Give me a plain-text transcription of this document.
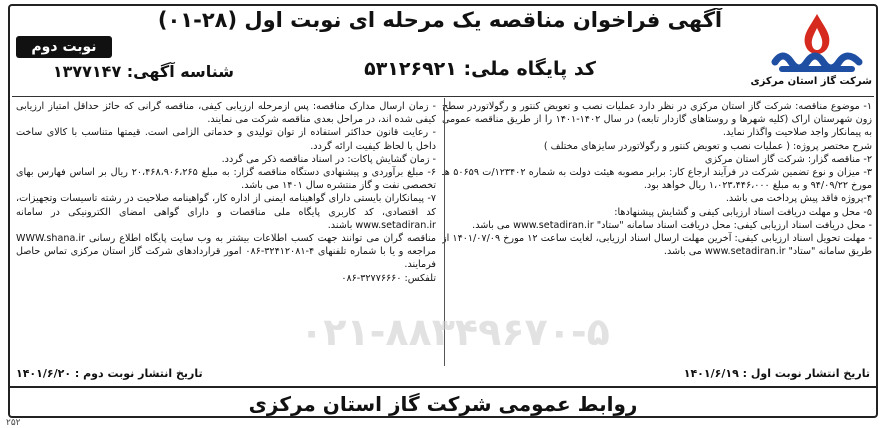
آگهی فراخوان مناقصه یک مرحله ای نوبت اول (۲۸-۰۱)
نوبت دوم
شناسه آگهی: ۱۳۷۷۱۴۷	کد پایگاه ملی: ۵۳۱۲۶۹۲۱
شرکت گاز استان مرکزی

۱- موضوع مناقصه: شرکت گاز استان مرکزی در نظر دارد عملیات نصب و تعویض کنتور و رگولاتوردر سطح زون شهرستان اراک (کلیه شهرها و روستاهای گازدار تابعه) در سال ۱۴۰۲-۱۴۰۱ را از طریق مناقصه عمومی به پیمانکار واجد صلاحیت واگذار نماید.

شرح مختصر پروژه: ( عملیات نصب و تعویض کنتور و رگولاتوردر سایزهای مختلف )

۲- مناقصه گزار: شرکت گاز استان مرکزی

۳- میزان و نوع تضمین شرکت در فرآیند ارجاع کار: برابر مصوبه هیئت دولت به شماره ۱۲۳۴۰۲/ت ۵۰۶۵۹ هـ مورخ ۹۴/۰۹/۲۲ و به مبلغ ۱،۰۲۳،۴۴۶،۰۰۰ ریال خواهد بود.

۴-پروژه فاقد پیش پرداخت می باشد.

۵- محل و مهلت دریافت اسناد ارزیابی کیفی و گشایش پیشنهادها:

- محل دریافت اسناد ارزیابی کیفی: محل دریافت اسناد سامانه "ستاد" www.setadiran.ir می باشد.

- مهلت تحویل اسناد ارزیابی کیفی: آخرین مهلت ارسال اسناد ارزیابی، لغایت ساعت ۱۲ مورخ ۱۴۰۱/۰۷/۰۹ از طریق سامانه "ستاد" www.setadiran.ir می باشد.

- زمان ارسال مدارک مناقصه: پس ازمرحله ارزیابی کیفی، مناقصه گرانی که حائز حداقل امتیاز ارزیابی کیفی شده اند، در مراحل بعدی مناقصه شرکت می نمایند.

- رعایت قانون حداکثر استفاده از توان تولیدی و خدماتی الزامی است. قیمتها متناسب با کالای ساخت داخل با لحاظ کیفیت ارائه گردد.

- زمان گشایش پاکات: در اسناد مناقصه ذکر می گردد.

۶- مبلغ برآوردی و پیشنهادی دستگاه مناقصه گزار: به مبلغ ۲۰،۴۶۸،۹۰۶،۲۶۵ ریال بر اساس فهارس بهای تخصصی نفت و گاز منتشره سال ۱۴۰۱ می باشد.

۷- پیمانکاران بایستی دارای گواهینامه ایمنی از اداره کار، گواهینامه صلاحیت در رشته تاسیسات وتجهیزات، کد اقتصادی، کد کاربری پایگاه ملی مناقصات و دارای گواهی امضای الکترونیکی در سامانه www.setadiran.ir باشند.

مناقصه گران می توانند جهت کسب اطلاعات بیشتر به وب سایت پایگاه اطلاع رسانی WWW.shana.ir مراجعه و یا با شماره تلفنهای ۴-۳۲۴۱۲۰۸۱-۰۸۶ امور قراردادهای شرکت گاز استان مرکزی تماس حاصل فرمایند.

تلفکس: ۳۲۷۷۶۶۶۰-۰۸۶

۰۲۱-۸۸۳۴۹۶۷۰-۵
تاریخ انتشار نوبت اول : ۱۴۰۱/۶/۱۹
تاریخ انتشار نوبت دوم : ۱۴۰۱/۶/۲۰
روابط عمومی شرکت گاز استان مرکزی
۲۵۲
